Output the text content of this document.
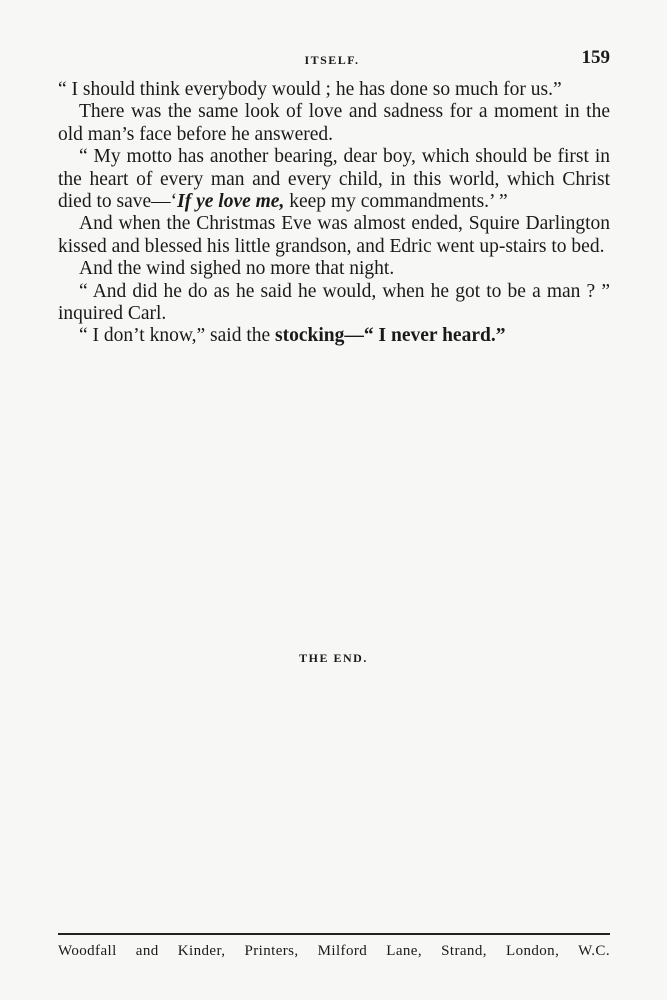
ITSELF.	159

“ I should think everybody would ; he has done so much for us.”

There was the same look of love and sadness for a moment in the old man’s face before he answered.

“ My motto has another bearing, dear boy, which should be first in the heart of every man and every child, in this world, which Christ died to save—‘If ye love me, keep my commandments.’ ”

And when the Christmas Eve was almost ended, Squire Darlington kissed and blessed his little grandson, and Edric went up-stairs to bed.

And the wind sighed no more that night.

“ And did he do as he said he would, when he got to be a man ? ” inquired Carl.

“ I don’t know,” said the stocking—“ I never heard.”

THE END.
Woodfall and Kinder, Printers, Milford Lane, Strand, London, W.C.
